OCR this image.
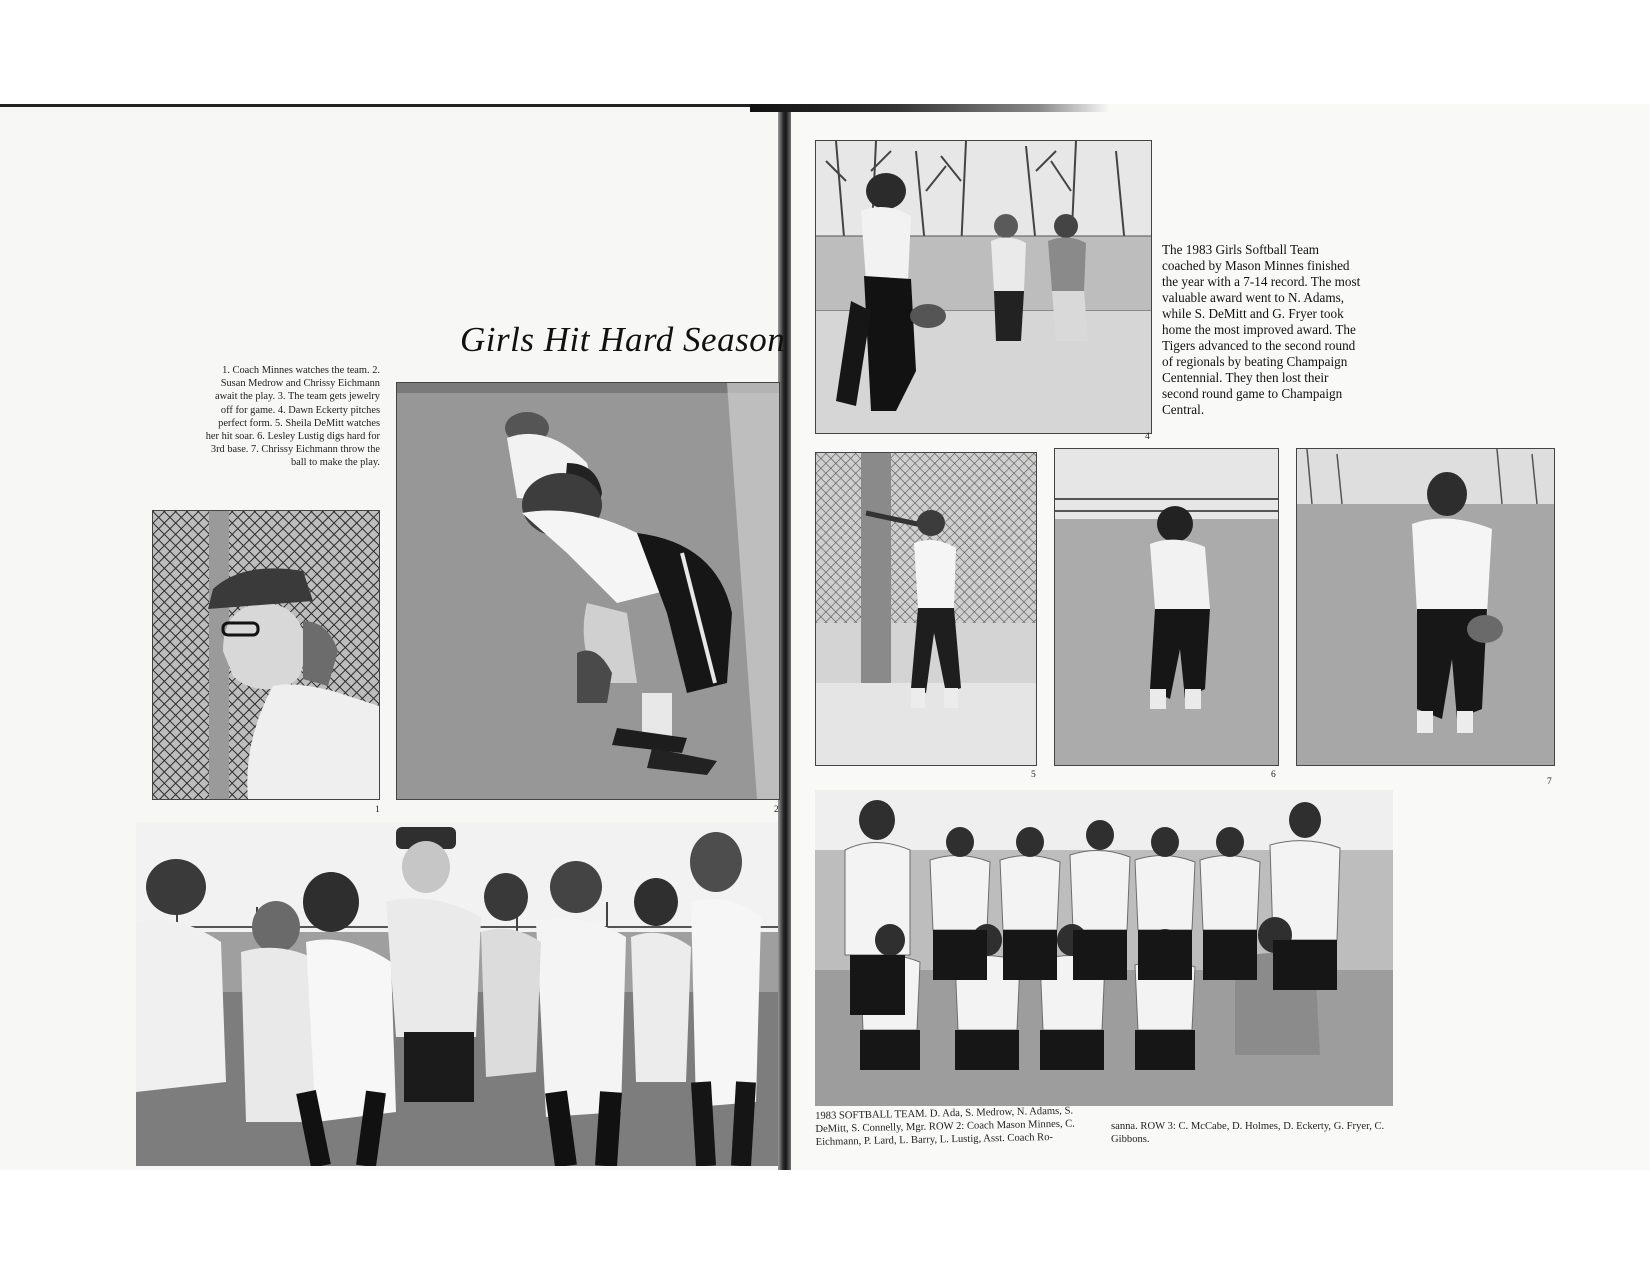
Girls Hit Hard Season
1. Coach Minnes watches the team. 2. Susan Medrow and Chrissy Eichmann await the play. 3. The team gets jewelry off for game. 4. Dawn Eckerty pitches perfect form. 5. Sheila DeMitt watches her hit soar. 6. Lesley Lustig digs hard for 3rd base. 7. Chrissy Eichmann throw the ball to make the play.
1	2
4
The 1983 Girls Softball Team coached by Mason Minnes finished the year with a 7-14 record. The most valuable award went to N. Adams, while S. DeMitt and G. Fryer took home the most improved award. The Tigers advanced to the second round of regionals by beating Champaign Centennial. They then lost their second round game to Champaign Central.
5	6
7
1983 SOFTBALL TEAM. D. Ada, S. Medrow, N. Adams, S. DeMitt, S. Connelly, Mgr. ROW 2: Coach Mason Minnes, C. Eichmann, P. Lard, L. Barry, L. Lustig, Asst. Coach Ro-
sanna. ROW 3: C. McCabe, D. Holmes, D. Eckerty, G. Fryer, C. Gibbons.
